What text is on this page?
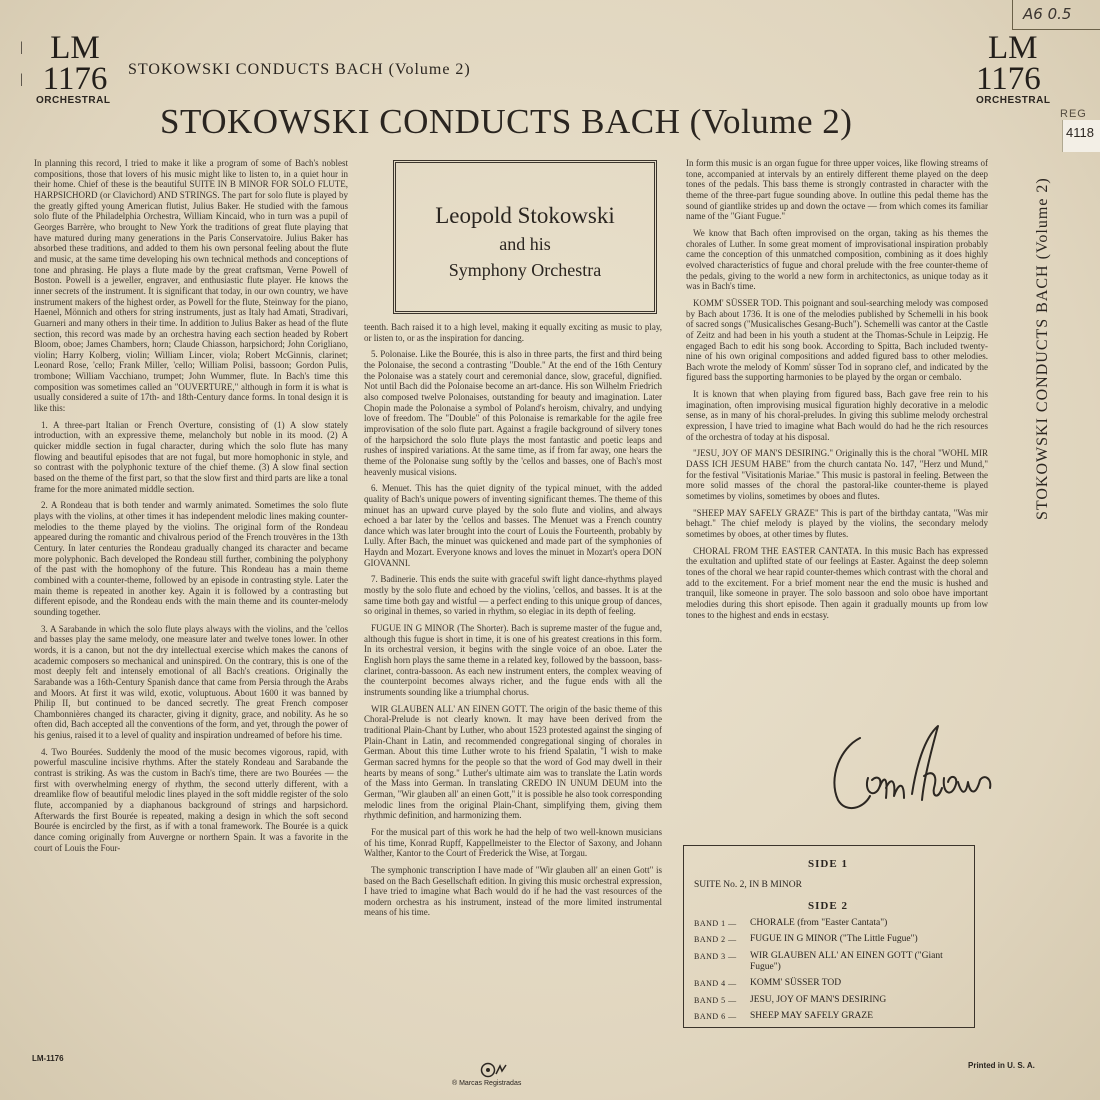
|
|
LM
1176
ORCHESTRAL
STOKOWSKI CONDUCTS BACH (Volume 2)
LM
1176
ORCHESTRAL
A6 0.5
STOKOWSKI CONDUCTS BACH (Volume 2)	REG
4118
STOKOWSKI CONDUCTS BACH (Volume 2)

In planning this record, I tried to make it like a program of some of Bach's noblest compositions, those that lovers of his music might like to listen to, in a quiet hour in their home. Chief of these is the beautiful SUITE IN B MINOR FOR SOLO FLUTE, HARPSICHORD (or Clavichord) AND STRINGS. The part for solo flute is played by the greatly gifted young American flutist, Julius Baker. He studied with the famous solo flute of the Philadelphia Orchestra, William Kincaid, who in turn was a pupil of Georges Barrère, who brought to New York the traditions of great flute playing that have matured during many generations in the Paris Conservatoire. Julius Baker has absorbed these traditions, and added to them his own personal feeling about the flute and music, at the same time developing his own technical methods and conceptions of tone and phrasing. He plays a flute made by the great craftsman, Verne Powell of Boston. Powell is a jeweller, engraver, and enthusiastic flute player. He knows the inner secrets of the instrument. It is significant that today, in our own country, we have instrument makers of the highest order, as Powell for the flute, Steinway for the piano, Haenel, Mönnich and others for string instruments, just as Italy had Amati, Stradivari, Guarneri and many others in their time. In addition to Julius Baker as head of the flute section, this record was made by an orchestra having each section headed by Robert Bloom, oboe; James Chambers, horn; Claude Chiasson, harpsichord; John Corigliano, violin; Harry Kolberg, violin; William Lincer, viola; Robert McGinnis, clarinet; Leonard Rose, 'cello; Frank Miller, 'cello; William Polisi, bassoon; Gordon Pulis, trombone; William Vacchiano, trumpet; John Wummer, flute. In Bach's time this composition was sometimes called an "OUVERTURE," although in form it is what is usually considered a suite of 17th- and 18th-Century dance forms. In tonal design it is like this:

1. A three-part Italian or French Overture, consisting of (1) A slow stately introduction, with an expressive theme, melancholy but noble in its mood. (2) A quicker middle section in fugal character, during which the solo flute has many flowing and beautiful episodes that are not fugal, but more homophonic in style, and so contrast with the polyphonic texture of the chief theme. (3) A slow final section based on the theme of the first part, so that the slow first and third parts are like a tonal frame for the more animated middle section.

2. A Rondeau that is both tender and warmly animated. Sometimes the solo flute plays with the violins, at other times it has independent melodic lines making counter-melodies to the theme played by the violins. The original form of the Rondeau appeared during the romantic and chivalrous period of the French trouvères in the 13th Century. In later centuries the Rondeau gradually changed its character and became more polyphonic. Bach developed the Rondeau still further, combining the polyphony of the past with the homophony of the future. This Rondeau has a main theme combined with a counter-theme, followed by an episode in contrasting style. Later the main theme is repeated in another key. Again it is followed by a contrasting but different episode, and the Rondeau ends with the main theme and its counter-melody sounding together.

3. A Sarabande in which the solo flute plays always with the violins, and the 'cellos and basses play the same melody, one measure later and twelve tones lower. In other words, it is a canon, but not the dry intellectual exercise which makes the canons of academic composers so mechanical and uninspired. On the contrary, this is one of the most deeply felt and intensely emotional of all Bach's creations. Originally the Sarabande was a 16th-Century Spanish dance that came from Persia through the Arabs and Moors. At first it was wild, exotic, voluptuous. About 1600 it was banned by Philip II, but continued to be danced secretly. The great French composer Chambonnières changed its character, giving it dignity, grace, and nobility. As he so often did, Bach accepted all the conventions of the form, and yet, through the power of his genius, raised it to a level of quality and inspiration undreamed of before his time.

4. Two Bourées. Suddenly the mood of the music becomes vigorous, rapid, with powerful masculine incisive rhythms. After the stately Rondeau and Sarabande the contrast is striking. As was the custom in Bach's time, there are two Bourées — the first with overwhelming energy of rhythm, the second utterly different, with a dreamlike flow of beautiful melodic lines played in the soft middle register of the solo flute, accompanied by a diaphanous background of strings and harpsichord. Afterwards the first Bourée is repeated, making a design in which the soft second Bourée is encircled by the first, as if with a tonal framework. The Bourée is a quick dance coming originally from Auvergne or northern Spain. It was a favorite in the court of Louis the Four-

Leopold Stokowski
and his
Symphony Orchestra

teenth. Bach raised it to a high level, making it equally exciting as music to play, or listen to, or as the inspiration for dancing.

5. Polonaise. Like the Bourée, this is also in three parts, the first and third being the Polonaise, the second a contrasting "Double." At the end of the 16th Century the Polonaise was a stately court and ceremonial dance, slow, graceful, dignified. Not until Bach did the Polonaise become an art-dance. His son Wilhelm Friedrich also composed twelve Polonaises, outstanding for beauty and imagination. Later Chopin made the Polonaise a symbol of Poland's heroism, chivalry, and undying love of freedom. The "Double" of this Polonaise is remarkable for the agile free improvisation of the solo flute part. Against a fragile background of silvery tones of the harpsichord the solo flute plays the most fantastic and poetic leaps and rushes of inspired variations. At the same time, as if from far away, one hears the theme of the Polonaise sung softly by the 'cellos and basses, one of Bach's most heavenly musical visions.

6. Menuet. This has the quiet dignity of the typical minuet, with the added quality of Bach's unique powers of inventing significant themes. The theme of this minuet has an upward curve played by the solo flute and violins, and always echoed a bar later by the 'cellos and basses. The Menuet was a French country dance which was later brought into the court of Louis the Fourteenth, probably by Lully. After Bach, the minuet was quickened and made part of the symphonies of Haydn and Mozart. Everyone knows and loves the minuet in Mozart's opera DON GIOVANNI.

7. Badinerie. This ends the suite with graceful swift light dance-rhythms played mostly by the solo flute and echoed by the violins, 'cellos, and basses. It is at the same time both gay and wistful — a perfect ending to this unique group of dances, so original in themes, so varied in rhythm, so elegiac in its depth of feeling.

FUGUE IN G MINOR (The Shorter). Bach is supreme master of the fugue and, although this fugue is short in time, it is one of his greatest creations in this form. In its orchestral version, it begins with the single voice of an oboe. Later the English horn plays the same theme in a related key, followed by the bassoon, bass-clarinet, contra-bassoon. As each new instrument enters, the complex weaving of the counterpoint becomes always richer, and the fugue ends with all the instruments sounding like a triumphal chorus.

WIR GLAUBEN ALL' AN EINEN GOTT. The origin of the basic theme of this Choral-Prelude is not clearly known. It may have been derived from the traditional Plain-Chant by Luther, who about 1523 protested against the singing of Plain-Chant in Latin, and recommended congregational singing of chorales in German. About this time Luther wrote to his friend Spalatin, "I wish to make German sacred hymns for the people so that the word of God may dwell in their hearts by means of song." Luther's ultimate aim was to translate the Latin words of the Mass into German. In translating CREDO IN UNUM DEUM into the German, "Wir glauben all' an einen Gott," it is possible he also took corresponding melodic lines from the original Plain-Chant, simplifying them, giving them rhythmic definition, and harmonizing them.

For the musical part of this work he had the help of two well-known musicians of his time, Konrad Rupff, Kappellmeister to the Elector of Saxony, and Johann Walther, Kantor to the Court of Frederick the Wise, at Torgau.

The symphonic transcription I have made of "Wir glauben all' an einen Gott" is based on the Bach Gesellschaft edition. In giving this music orchestral expression, I have tried to imagine what Bach would do if he had the vast resources of the modern orchestra as his instrument, instead of the more limited instrumental means of his time.

In form this music is an organ fugue for three upper voices, like flowing streams of tone, accompanied at intervals by an entirely different theme played on the deep tones of the pedals. This bass theme is strongly contrasted in character with the theme of the three-part fugue sounding above. In outline this pedal theme has the sound of giantlike strides up and down the octave — from which comes its familiar name of the "Giant Fugue."

We know that Bach often improvised on the organ, taking as his themes the chorales of Luther. In some great moment of improvisational inspiration probably came the conception of this unmatched composition, combining as it does highly evolved characteristics of fugue and choral prelude with the free counter-theme of the pedals, giving to the world a new form in architectonics, as unique today as it was in Bach's time.

KOMM' SÜSSER TOD. This poignant and soul-searching melody was composed by Bach about 1736. It is one of the melodies published by Schemelli in his book of sacred songs ("Musicalisches Gesang-Buch"). Schemelli was cantor at the Castle of Zeitz and had been in his youth a student at the Thomas-Schule in Leipzig. He engaged Bach to edit his song book. According to Spitta, Bach included twenty-nine of his own original compositions and added figured bass to other melodies. Bach wrote the melody of Komm' süsser Tod in soprano clef, and indicated by the figured bass the supporting harmonies to be played by the organ or cembalo.

It is known that when playing from figured bass, Bach gave free rein to his imagination, often improvising musical figuration highly decorative in a melodic sense, as in many of his choral-preludes. In giving this sublime melody orchestral expression, I have tried to imagine what Bach would do had he the rich resources of the orchestra of today at his disposal.

"JESU, JOY OF MAN'S DESIRING." Originally this is the choral "WOHL MIR DASS ICH JESUM HABE" from the church cantata No. 147, "Herz und Mund," for the festival "Visitationis Mariae." This music is pastoral in feeling. Between the more solid masses of the choral the pastoral-like counter-theme is played sometimes by violins, sometimes by oboes and flutes.

"SHEEP MAY SAFELY GRAZE" This is part of the birthday cantata, "Was mir behagt." The chief melody is played by the violins, the secondary melody sometimes by oboes, at other times by flutes.

CHORAL FROM THE EASTER CANTATA. In this music Bach has expressed the exultation and uplifted state of our feelings at Easter. Against the deep solemn tones of the choral we hear rapid counter-themes which contrast with the choral and add to the excitement. For a brief moment near the end the music is hushed and tranquil, like someone in prayer. The solo bassoon and solo oboe have important melodies during this short episode. Then again it gradually mounts up from low tones to the highest and ends in ecstasy.

SIDE 1
SUITE No. 2, IN B MINOR
SIDE 2
BAND 1 —	CHORALE (from "Easter Cantata")
BAND 2 —	FUGUE IN G MINOR ("The Little Fugue")
BAND 3 —	WIR GLAUBEN ALL' AN EINEN GOTT ("Giant Fugue")
BAND 4 —	KOMM' SÜSSER TOD
BAND 5 —	JESU, JOY OF MAN'S DESIRING
BAND 6 —	SHEEP MAY SAFELY GRAZE
LM-1176
® Marcas Registradas
Printed in U. S. A.
